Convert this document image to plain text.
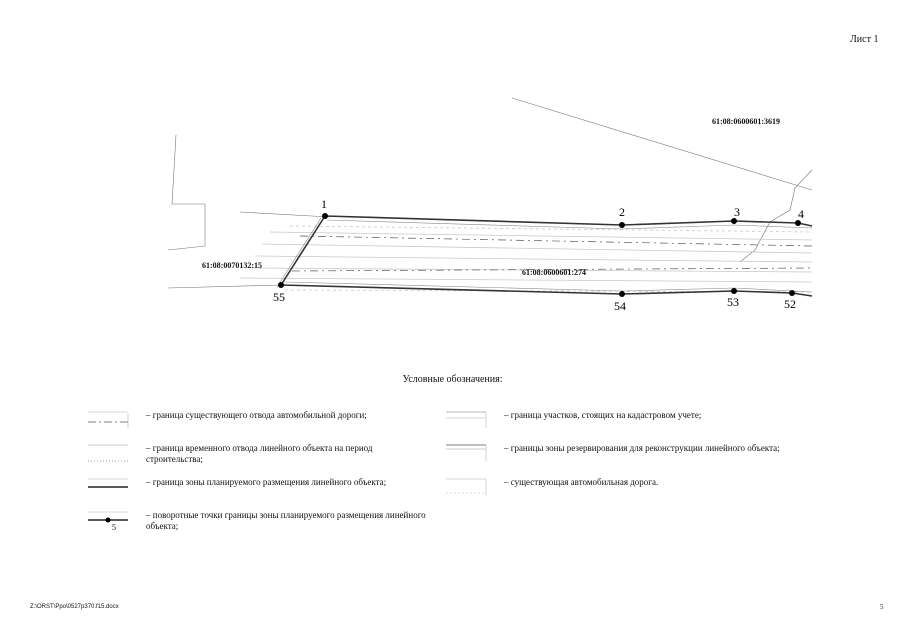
Лист 1
1
2	3	4
52
53
54
55
61:08:0600601:3619
61:08:0070132:15
61:08:0600601:274
Условные обозначения:
– граница существующего отвода автомобильной дороги;
– граница временного отвода линейного объекта на период строительства;
– граница зоны планируемого размещения линейного объекта;
5
– поворотные точки границы зоны планируемого размещения линейного объекта;
– граница участков, стоящих на кадастровом учете;
– границы зоны резервирования для реконструкции линейного объекта;
– существующая автомобильная дорога.
Z:\ORST\Ppo\0527p370.f15.docx	5
